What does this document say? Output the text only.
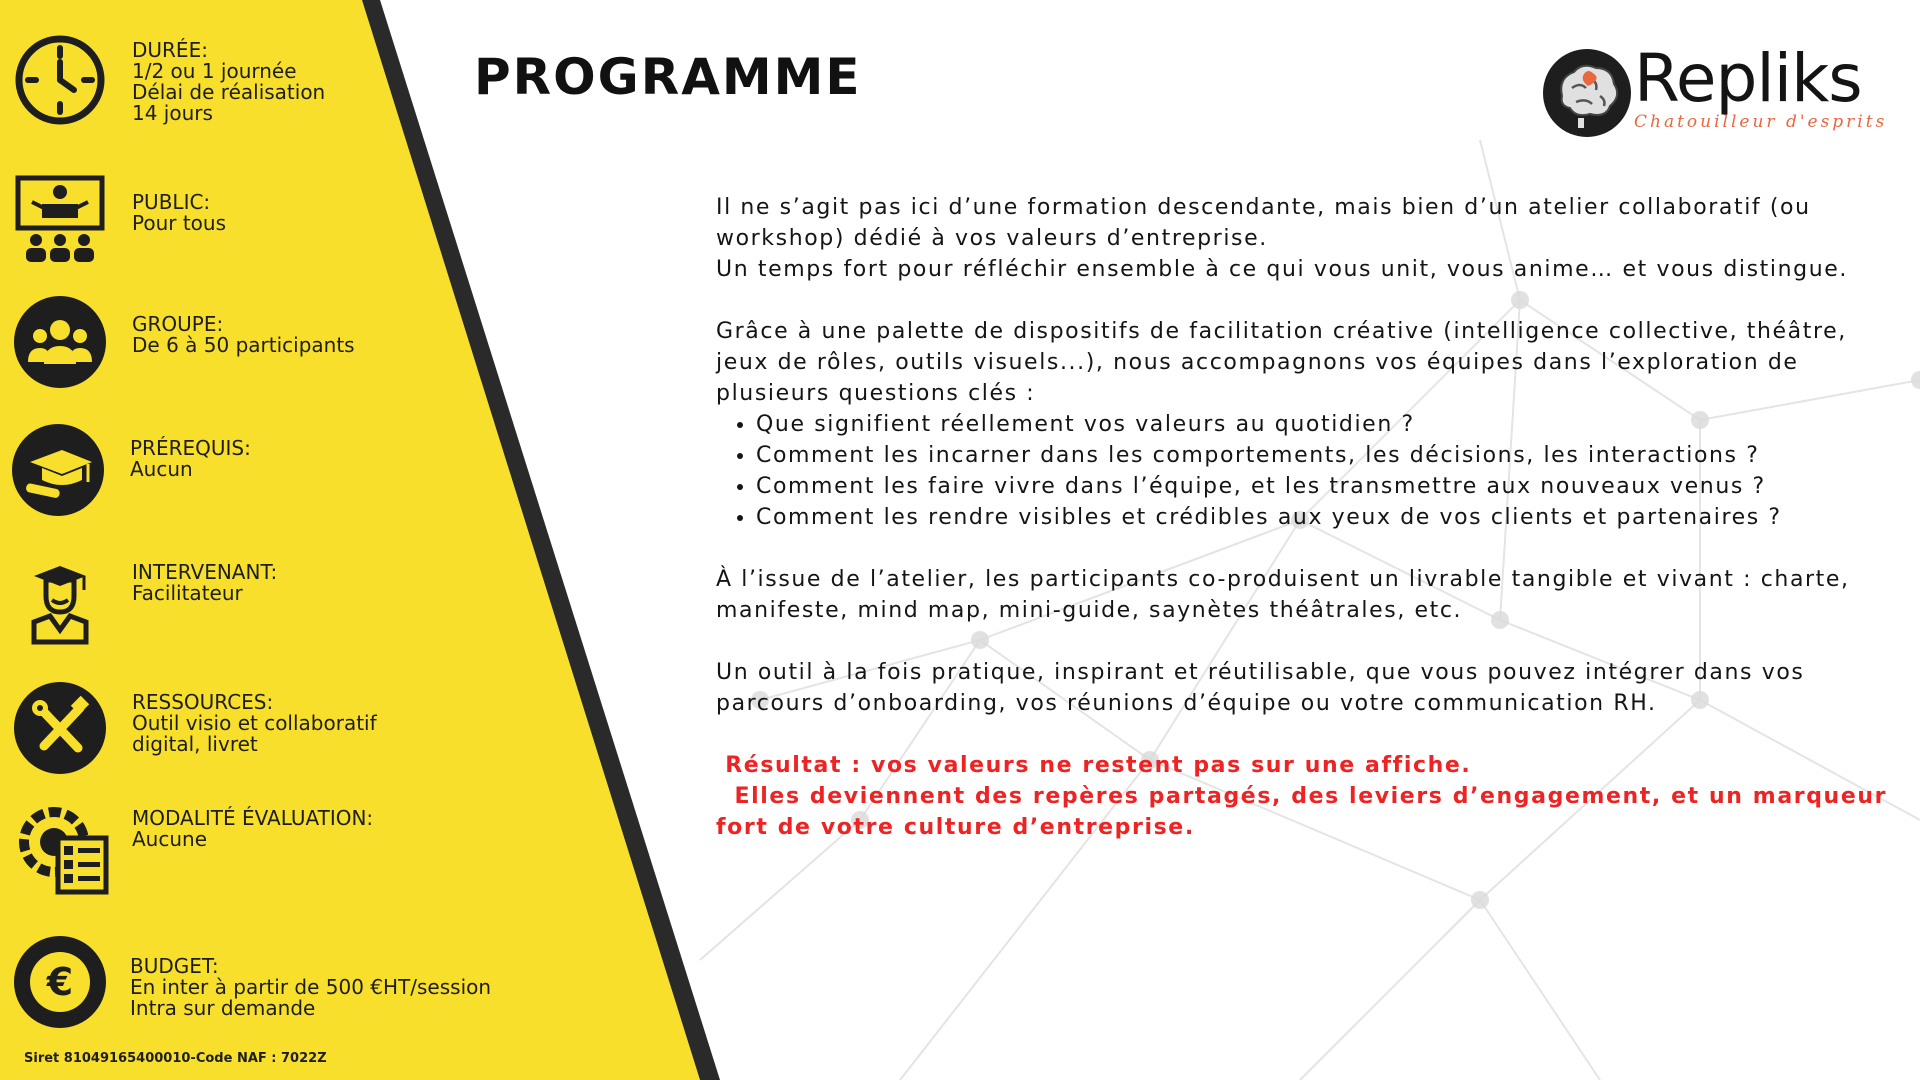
DURÉE:
1/2 ou 1 journée
Délai de réalisation
14 jours
PUBLIC:
Pour tous
GROUPE:
De 6 à 50 participants
PRÉREQUIS:
Aucun
INTERVENANT:
Facilitateur
RESSOURCES:
Outil visio et collaboratif
digital, livret
MODALITÉ ÉVALUATION:
Aucune
€	BUDGET:
En inter à partir de 500 €HT/session
Intra sur demande
Siret 81049165400010-Code NAF : 7022Z
PROGRAMME	Repliks
Chatouilleur d'esprits

Il ne s’agit pas ici d’une formation descendante, mais bien d’un atelier collaboratif (ou

workshop) dédié à vos valeurs d’entreprise.

Un temps fort pour réfléchir ensemble à ce qui vous unit, vous anime… et vous distingue.

Grâce à une palette de dispositifs de facilitation créative (intelligence collective, théâtre,

jeux de rôles, outils visuels...), nous accompagnons vos équipes dans l’exploration de

plusieurs questions clés :

• Que signifient réellement vos valeurs au quotidien ?
• Comment les incarner dans les comportements, les décisions, les interactions ?
• Comment les faire vivre dans l’équipe, et les transmettre aux nouveaux venus ?
• Comment les rendre visibles et crédibles aux yeux de vos clients et partenaires ?

À l’issue de l’atelier, les participants co-produisent un livrable tangible et vivant : charte,

manifeste, mind map, mini-guide, saynètes théâtrales, etc.

Un outil à la fois pratique, inspirant et réutilisable, que vous pouvez intégrer dans vos

parcours d’onboarding, vos réunions d’équipe ou votre communication RH.

Résultat : vos valeurs ne restent pas sur une affiche.

Elles deviennent des repères partagés, des leviers d’engagement, et un marqueur

fort de votre culture d’entreprise.
